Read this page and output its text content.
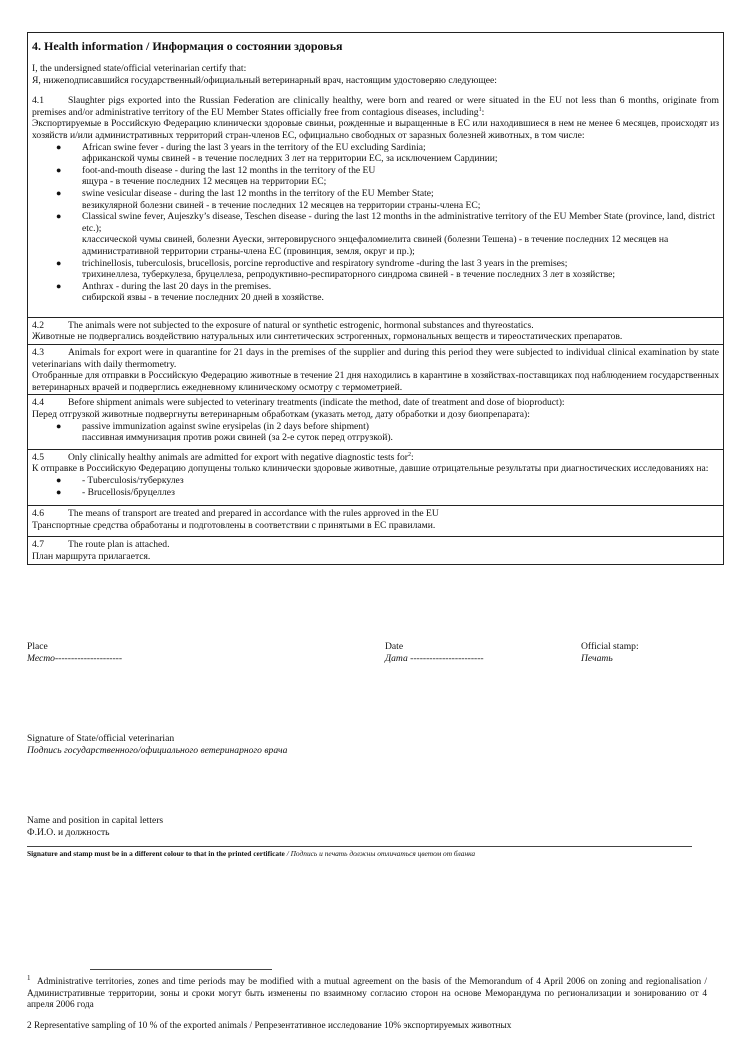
4. Health information / Информация о состоянии здоровья

I, the undersigned state/official veterinarian certify that:

Я, нижеподписавшийся государственный/официальный ветеринарный врач, настоящим удостоверяю следующее:

4.1	Slaughter pigs exported into the Russian Federation are clinically healthy, were born and reared or were situated in the EU not less than 6 months, originate from premises and/or administrative territory of the EU Member States officially free from contagious diseases, including$^1$:

Экспортируемые в Российскую Федерацию клинически здоровые свиньи, рожденные и выращенные в ЕС или находившиеся в нем не менее 6 месяцев, происходят из хозяйств и/или административных территорий стран-членов ЕС, официально свободных от заразных болезней животных, в том числе:

● African swine fever - during the last 3 years in the territory of the EU excluding Sardinia;
африканской чумы свиней - в течение последних 3 лет на территории ЕС, за исключением Сардинии;
● foot-and-mouth disease - during the last 12 months in the territory of the EU
ящура - в течение последних 12 месяцев на территории ЕС;
● swine vesicular disease - during the last 12 months in the territory of the EU Member State;
везикулярной болезни свиней - в течение последних 12 месяцев на территории страны-члена ЕС;
● Classical swine fever, Aujeszky’s disease, Teschen disease - during the last 12 months in the administrative territory of the EU Member State (province, land, district etc.);
классической чумы свиней, болезни Ауески, энтеровирусного энцефаломиелита свиней (болезни Тешена) - в течение последних 12 месяцев на административной территории страны-члена ЕС (провинция, земля, округ и пр.);
● trichinellosis, tuberculosis, brucellosis, porcine reproductive and respiratory syndrome -during the last 3 years in the premises;
трихинеллеза, туберкулеза, бруцеллеза, репродуктивно-респираторного синдрома свиней - в течение последних 3 лет в хозяйстве;
● Anthrax - during the last 20 days in the premises.
сибирской язвы - в течение последних 20 дней в хозяйстве.

4.2	The animals were not subjected to the exposure of natural or synthetic estrogenic, hormonal substances and thyreostatics.

Животные не подвергались воздействию натуральных или синтетических эстрогенных, гормональных веществ и тиреостатических препаратов.

4.3	Animals for export were in quarantine for 21 days in the premises of the supplier and during this period they were subjected to individual clinical examination by state veterinarians with daily thermometry.

Отобранные для отправки в Российскую Федерацию животные в течение 21 дня находились в карантине в хозяйствах-поставщиках под наблюдением государственных ветеринарных врачей и подверглись ежедневному клиническому осмотру с термометрией.

4.4	Before shipment animals were subjected to veterinary treatments (indicate the method, date of treatment and dose of bioproduct):

Перед отгрузкой животные подвергнуты ветеринарным обработкам (указать метод, дату обработки и дозу биопрепарата):

● passive immunization against swine erysipelas (in 2 days before shipment)
пассивная иммунизация против рожи свиней (за 2-е суток перед отгрузкой).

4.5	Only clinically healthy animals are admitted for export with negative diagnostic tests for$^2$:

К отправке в Российскую Федерацию допущены только клинически здоровые животные, давшие отрицательные результаты при диагностических исследованиях на:

● - Tuberculosis/туберкулез
● - Brucellosis/бруцеллез

4.6	The means of transport are treated and prepared in accordance with the rules approved in the EU

Транспортные средства обработаны и подготовлены в соответствии с принятыми в ЕС правилами.

4.7	The route plan is attached.

План маршрута прилагается.

Place
Место---------------------
Date
Дата -----------------------
Official stamp:
Печать
Signature of State/official veterinarian
Подпись государственного/официального ветеринарного врача
Name and position in capital letters
Ф.И.О. и должность
Signature and stamp must be in a different colour to that in the printed certificate / Подпись и печать должны отличаться цветом от бланка
$^1$ Administrative territories, zones and time periods may be modified with a mutual agreement on the basis of the Memorandum of 4 April 2006 on zoning and regionalisation / Административные территории, зоны и сроки могут быть изменены по взаимному согласию сторон на основе Меморандума по регионализации и зонированию от 4 апреля 2006 года
2 Representative sampling of 10 % of the exported animals / Репрезентативное исследование 10% экспортируемых животных
